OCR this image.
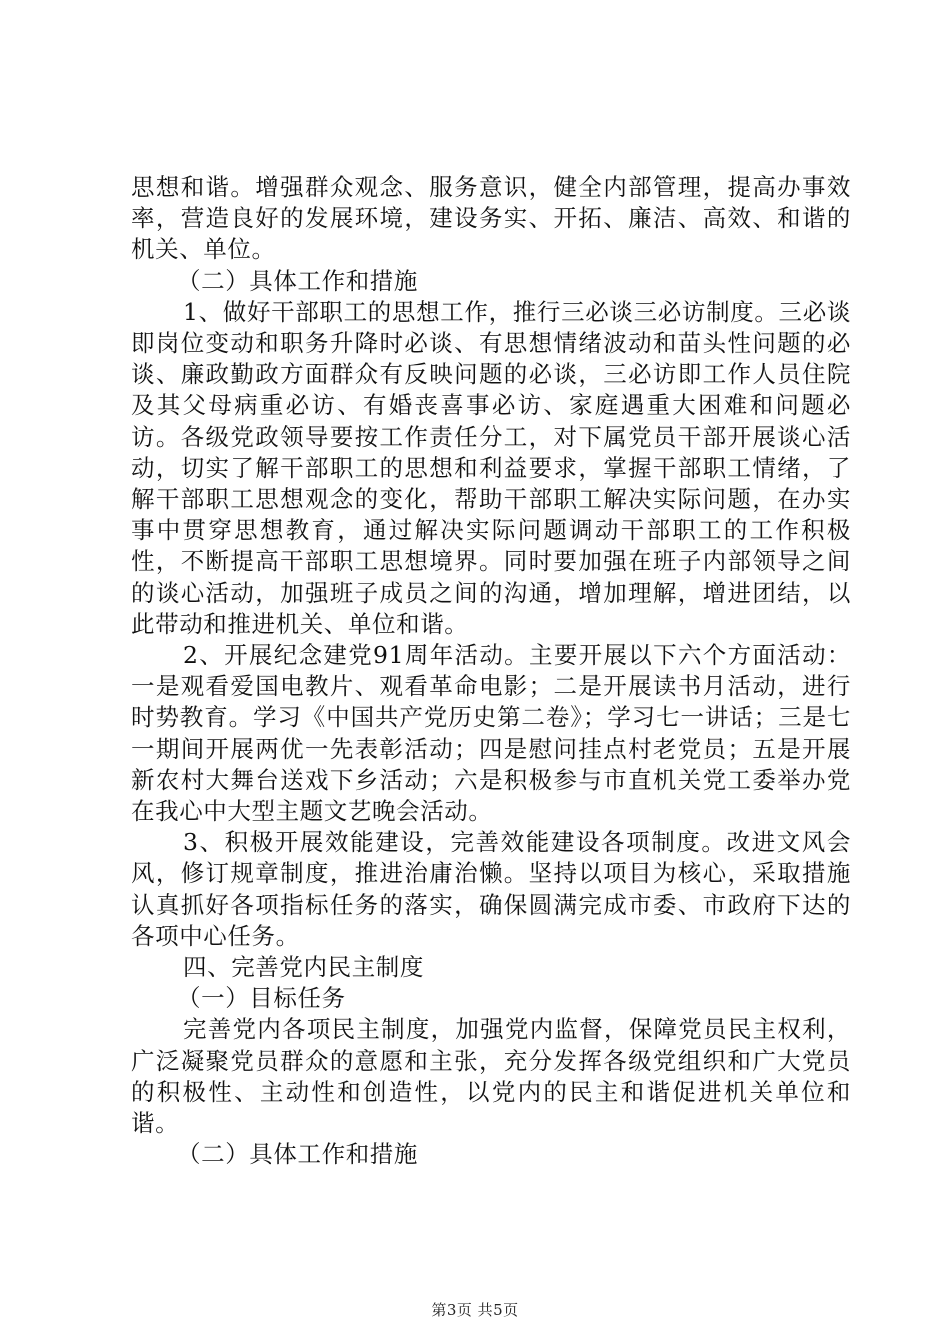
思想和谐。增强群众观念、服务意识，健全内部管理，提高办事效率，营造良好的发展环境，建设务实、开拓、廉洁、高效、和谐的机关、单位。

（二）具体工作和措施

1、做好干部职工的思想工作，推行三必谈三必访制度。三必谈即岗位变动和职务升降时必谈、有思想情绪波动和苗头性问题的必谈、廉政勤政方面群众有反映问题的必谈，三必访即工作人员住院及其父母病重必访、有婚丧喜事必访、家庭遇重大困难和问题必访。各级党政领导要按工作责任分工，对下属党员干部开展谈心活动，切实了解干部职工的思想和利益要求，掌握干部职工情绪，了解干部职工思想观念的变化，帮助干部职工解决实际问题，在办实事中贯穿思想教育，通过解决实际问题调动干部职工的工作积极性，不断提高干部职工思想境界。同时要加强在班子内部领导之间的谈心活动，加强班子成员之间的沟通，增加理解，增进团结，以此带动和推进机关、单位和谐。

2、开展纪念建党91周年活动。主要开展以下六个方面活动：一是观看爱国电教片、观看革命电影；二是开展读书月活动，进行时势教育。学习《中国共产党历史第二卷》；学习七一讲话；三是七一期间开展两优一先表彰活动；四是慰问挂点村老党员；五是开展新农村大舞台送戏下乡活动；六是积极参与市直机关党工委举办党在我心中大型主题文艺晚会活动。

3、积极开展效能建设，完善效能建设各项制度。改进文风会风，修订规章制度，推进治庸治懒。坚持以项目为核心，采取措施认真抓好各项指标任务的落实，确保圆满完成市委、市政府下达的各项中心任务。

四、完善党内民主制度

（一）目标任务

完善党内各项民主制度，加强党内监督，保障党员民主权利，广泛凝聚党员群众的意愿和主张，充分发挥各级党组织和广大党员的积极性、主动性和创造性，以党内的民主和谐促进机关单位和谐。

（二）具体工作和措施

第3页 共5页
